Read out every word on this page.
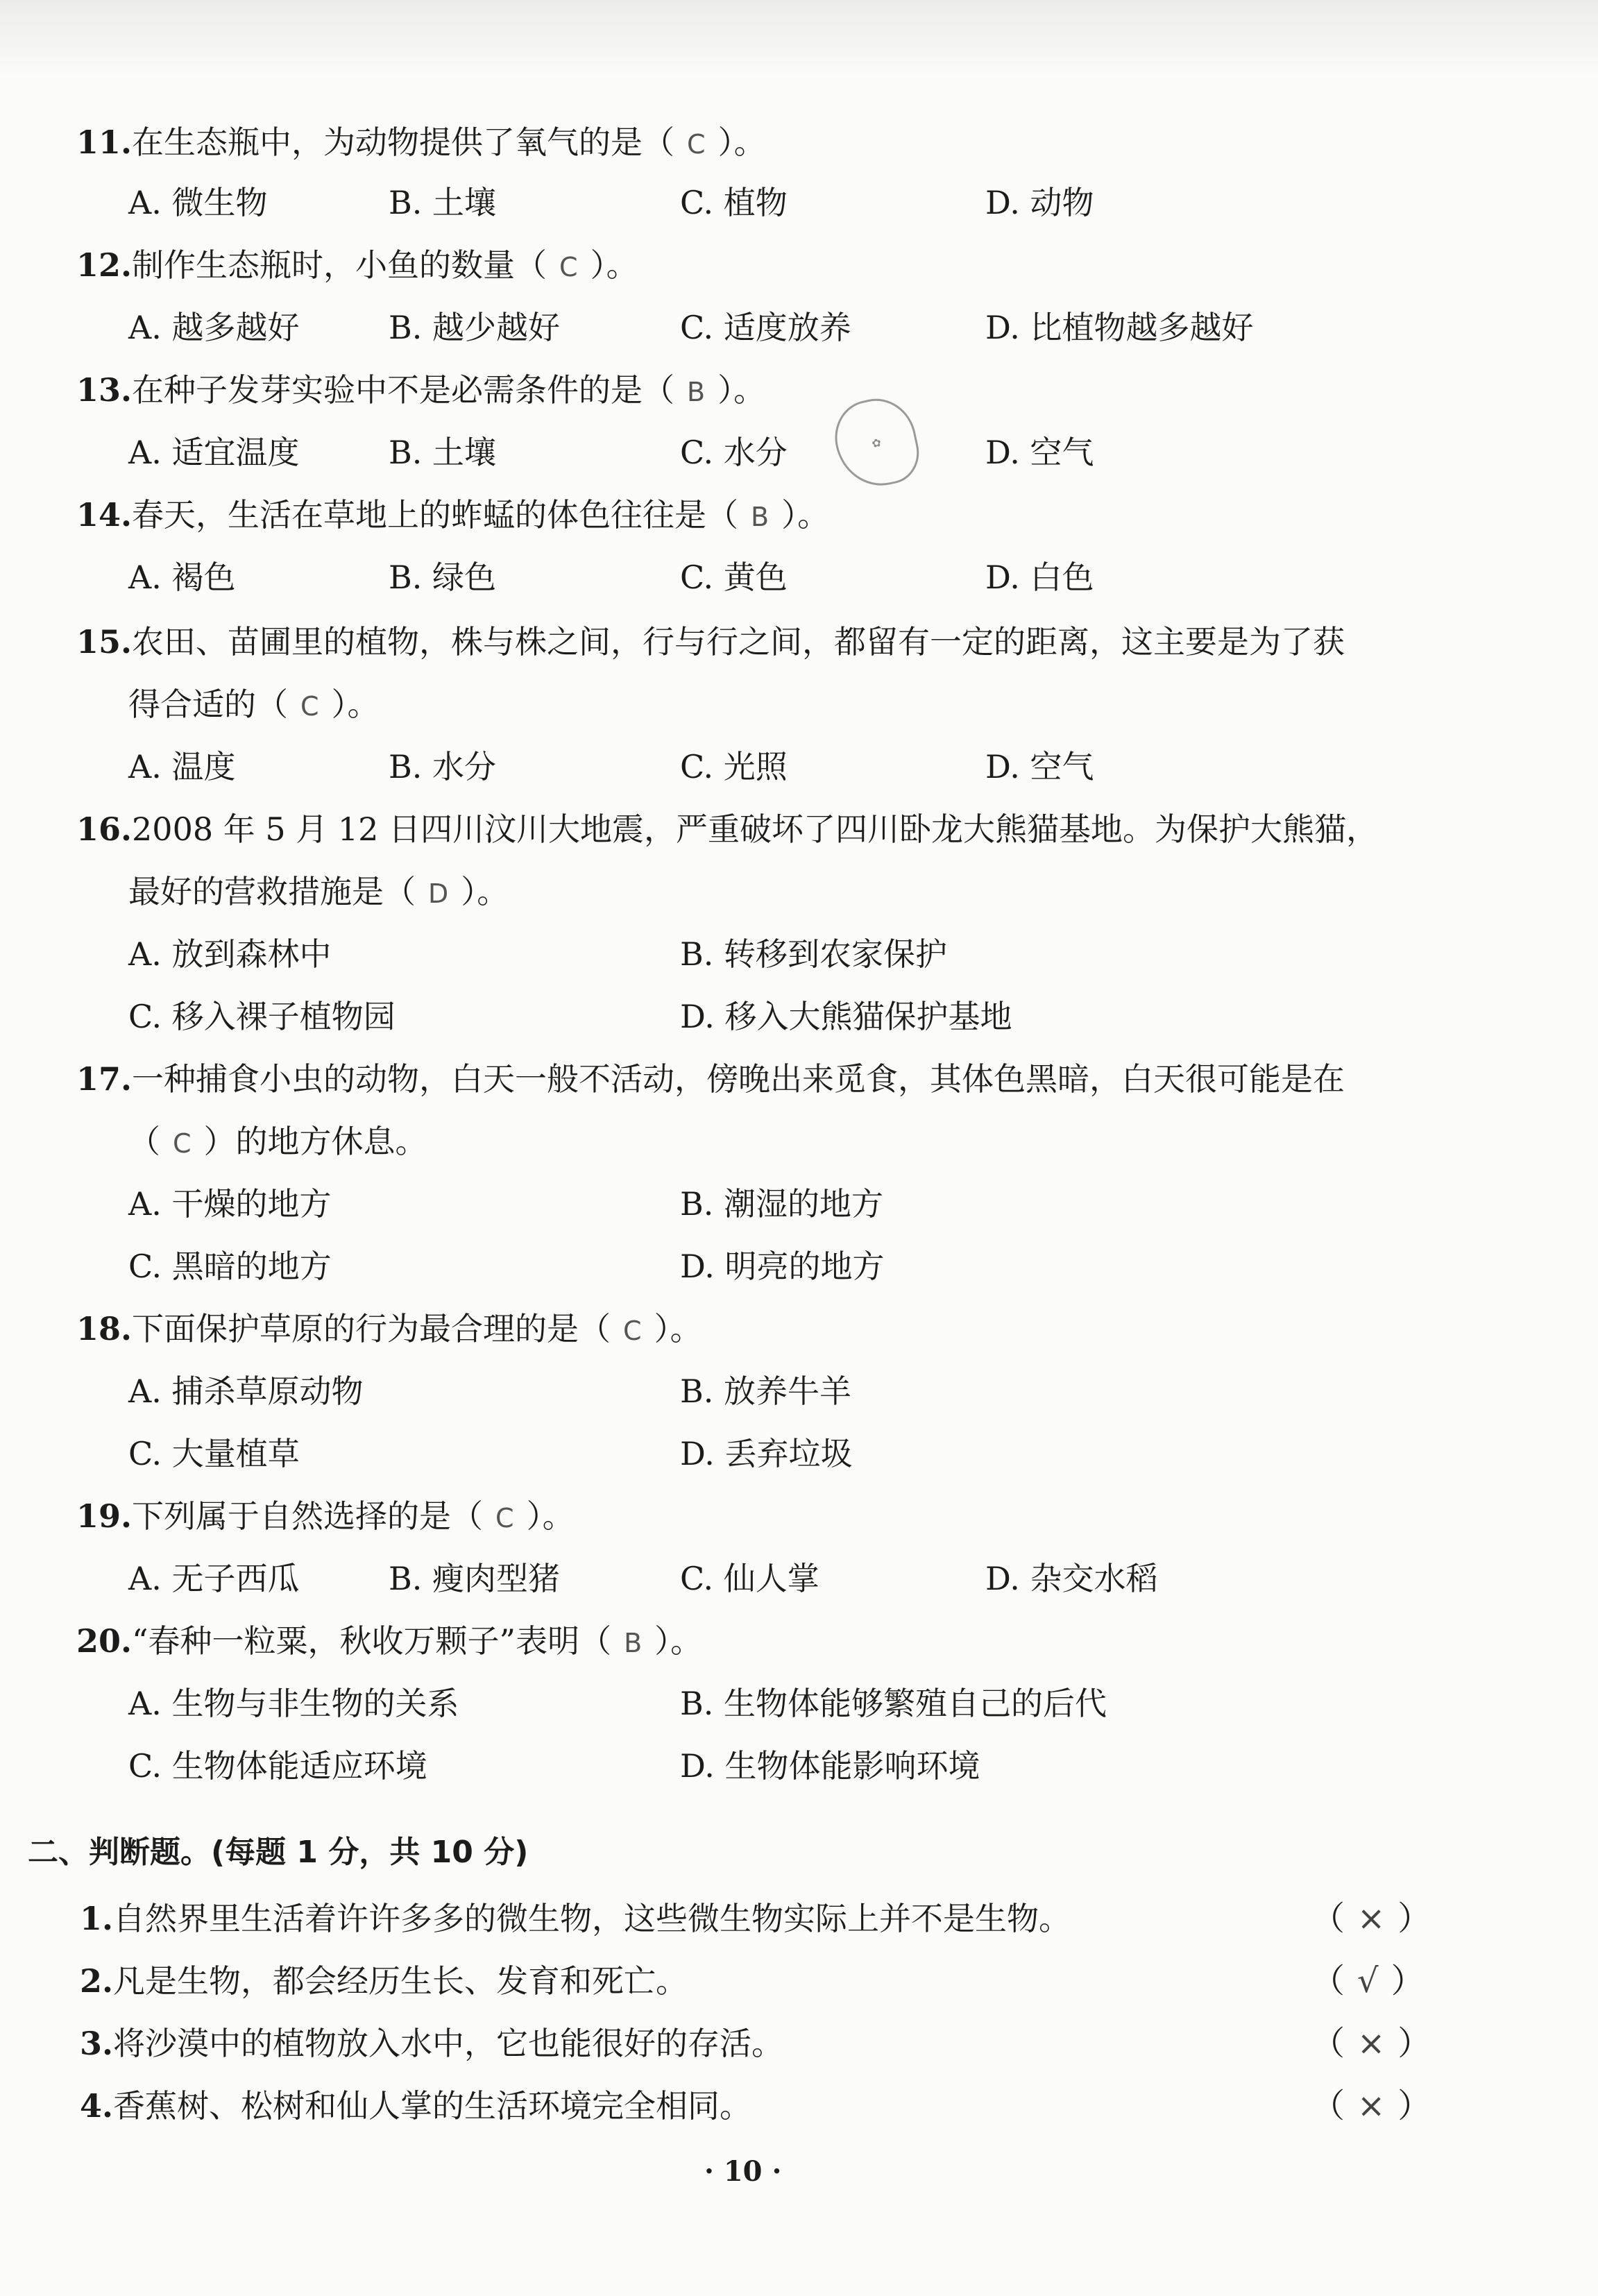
11.在生态瓶中，为动物提供了氧气的是（ C ）。
A. 微生物	B. 土壤	C. 植物	D. 动物
12.制作生态瓶时，小鱼的数量（ C ）。
A. 越多越好	B. 越少越好	C. 适度放养	D. 比植物越多越好
13.在种子发芽实验中不是必需条件的是（ B ）。
A. 适宜温度	B. 土壤	C. 水分	D. 空气
✿
14.春天，生活在草地上的蚱蜢的体色往往是（ B ）。
A. 褐色	B. 绿色	C. 黄色	D. 白色
15.农田、苗圃里的植物，株与株之间，行与行之间，都留有一定的距离，这主要是为了获
得合适的（ C ）。
A. 温度	B. 水分	C. 光照	D. 空气
16.2008 年 5 月 12 日四川汶川大地震，严重破坏了四川卧龙大熊猫基地。为保护大熊猫，
最好的营救措施是（ D ）。
A. 放到森林中	B. 转移到农家保护
C. 移入裸子植物园	D. 移入大熊猫保护基地
17.一种捕食小虫的动物，白天一般不活动，傍晚出来觅食，其体色黑暗，白天很可能是在
（ C ）的地方休息。
A. 干燥的地方	B. 潮湿的地方
C. 黑暗的地方	D. 明亮的地方
18.下面保护草原的行为最合理的是（ C ）。
A. 捕杀草原动物	B. 放养牛羊
C. 大量植草	D. 丢弃垃圾
19.下列属于自然选择的是（ C ）。
A. 无子西瓜	B. 瘦肉型猪	C. 仙人掌	D. 杂交水稻
20.“春种一粒粟，秋收万颗子”表明（ B ）。
A. 生物与非生物的关系	B. 生物体能够繁殖自己的后代
C. 生物体能适应环境	D. 生物体能影响环境
二、判断题。(每题 1 分，共 10 分)
1.自然界里生活着许许多多的微生物，这些微生物实际上并不是生物。	（ × ）
2.凡是生物，都会经历生长、发育和死亡。	（ √ ）
3.将沙漠中的植物放入水中，它也能很好的存活。	（ × ）
4.香蕉树、松树和仙人掌的生活环境完全相同。	（ × ）
· 10 ·
